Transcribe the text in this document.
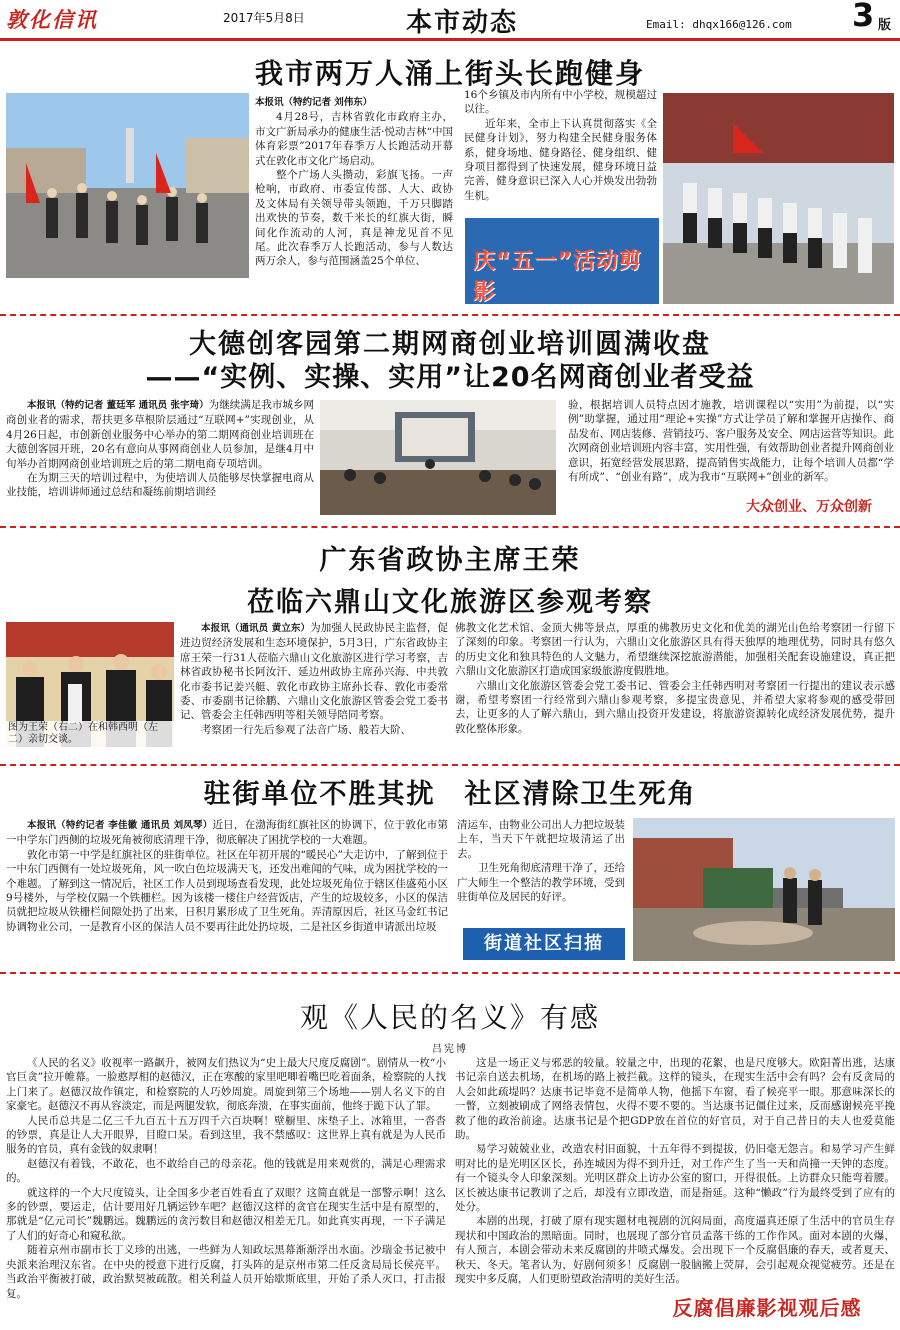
敦化信讯	2017年5月8日	本市动态	Email: dhqx166@126.com 3 版
我市两万人涌上街头长跑健身
本报讯（特约记者 刘伟东）
4月28号，吉林省敦化市政府主办，市文广新局承办的健康生活·悦动吉林“中国体育彩票”2017年春季万人长跑活动开幕式在敦化市文化广场启动。
整个广场人头攒动，彩旗飞扬。一声枪响，市政府、市委宣传部、人大、政协及文体局有关领导带头领跑，千万只脚踏出欢快的节奏，数千米长的红旗大街，瞬间化作流动的人河，真是神龙见首不见尾。此次春季万人长跑活动，参与人数达两万余人，参与范围涵盖25个单位、
16个乡镇及市内所有中小学校，规模超过以往。
近年来，全市上下认真贯彻落实《全民健身计划》，努力构建全民健身服务体系，健身场地、健身路径、健身组织、健身项目都得到了快速发展，健身环境日益完善，健身意识已深入人心并焕发出勃勃生机。
庆“五一”活动剪影
大德创客园第二期网商创业培训圆满收盘
——“实例、实操、实用”让20名网商创业者受益
本报讯（特约记者 董廷军 通讯员 张宇琦）为继续满足我市城乡网商创业者的需求，帮扶更多草根阶层通过“互联网+”实现创业，从4月26日起，市创新创业服务中心举办的第二期网商创业培训班在大德创客园开班，20名有意向从事网商创业人员参加，是继4月中旬举办首期网商创业培训班之后的第二期电商专项培训。
在为期三天的培训过程中，为使培训人员能够尽快掌握电商从业技能，培训讲师通过总结和凝练前期培训经
验，根据培训人员特点因才施教，培训课程以“实用”为前提，以“实例”助掌握，通过用“理论+实操”方式让学员了解和掌握开店操作、商品发布、网店装修、营销技巧、客户服务及安全、网店运营等知识。此次网商创业培训班内容丰富，实用性强，有效帮助创业者提升网商创业意识，拓宽经营发展思路，提高销售实战能力，让每个培训人员都“学有所成”、“创业有路”，成为我市“互联网+”创业的新军。
大众创业、万众创新
广东省政协主席王荣
莅临六鼎山文化旅游区参观考察
图为王荣（右二）在和韩西明（左二）亲切交谈。
本报讯（通讯员 黄立东）为加强人民政协民主监督，促进边贸经济发展和生态环境保护，5月3日，广东省政协主席王荣一行31人莅临六鼎山文化旅游区进行学习考察，吉林省政协秘书长阿汝汗、延边州政协主席孙兴海、中共敦化市委书记姜兴艇、敦化市政协主席孙长春、敦化市委常委、市委副书记徐鹏、六鼎山文化旅游区管委会党工委书记、管委会主任韩西明等相关领导陪同考察。
考察团一行先后参观了法音广场、般若大阶、
佛教文化艺术馆、金顶大佛等景点，厚重的佛教历史文化和优美的湖光山色给考察团一行留下了深刻的印象。考察团一行认为，六鼎山文化旅游区具有得天独厚的地理优势，同时具有悠久的历史文化和独具特色的人文魅力，希望继续深挖旅游潜能，加强相关配套设施建设，真正把六鼎山文化旅游区打造成国家级旅游度假胜地。
六鼎山文化旅游区管委会党工委书记、管委会主任韩西明对考察团一行提出的建议表示感谢，希望考察团一行经常到六鼎山参观考察，多提宝贵意见，并希望大家将参观的感受带回去，让更多的人了解六鼎山，到六鼎山投资开发建设，将旅游资源转化成经济发展优势，提升敦化整体形象。
驻街单位不胜其扰　社区清除卫生死角
本报讯（特约记者 李佳徽 通讯员 刘凤琴）近日，在渤海街红旗社区的协调下，位于敦化市第一中学东门西侧的垃圾死角被彻底清理干净，彻底解决了困扰学校的一大难题。
敦化市第一中学是红旗社区的驻街单位。社区在年初开展的“暖民心”大走访中，了解到位于一中东门西侧有一处垃圾死角，风一吹白色垃圾满天飞，还发出难闻的气味，成为困扰学校的一个难题。了解到这一情况后，社区工作人员到现场查看发现，此处垃圾死角位于辖区佳盛苑小区9号楼外，与学校仅隔一个铁栅栏。因为该楼一楼住户经营饭店，产生的垃圾较多，小区的保洁员就把垃圾从铁栅栏间隙处扔了出来，日积月累形成了卫生死角。弄清原因后，社区马金红书记协调物业公司，一是教育小区的保洁人员不要再往此处扔垃圾，二是社区乡街道申请派出垃圾
清运车，由物业公司出人力把垃圾装上车，当天下午就把垃圾清运了出去。
卫生死角彻底清理干净了，还给广大师生一个整洁的教学环境，受到驻街单位及居民的好评。
街道社区扫描
观《人民的名义》有感
吕宪博
《人民的名义》收视率一路飙升，被网友们热议为“史上最大尺度反腐剧”。剧情从一枚“小官巨贪”拉开帷幕。一脸憨厚相的赵德汉，正在寒酸的家里吧唧着嘴巴吃着面条，检察院的人找上门来了。赵德汉故作镇定，和检察院的人巧妙周旋。周旋到第三个场地——别人名义下的自家豪宅。赵德汉不再从容淡定，而是两腿发软，彻底奔溃，在事实面前，他终于跪下认了罪。
人民币总共是二亿三千九百五十五万四千六百块啊！壁橱里、床垫子上、冰箱里，一沓沓的钞票，真是让人大开眼界，目瞪口呆。看到这里，我不禁感叹：这世界上真有就是为人民币服务的官员，真有金钱的奴隶啊！
赵德汉有着钱，不敢花，也不敢给自己的母亲花。他的钱就是用来观赏的，满足心理需求的。
就这样的一个大尺度镜头，让全国多少老百姓看直了双眼？这简直就是一部警示啊！这么多的钞票，要运走，估计要用好几辆运钞车吧？赵德汉这样的贪官在现实生活中是有原型的，那就是“亿元司长”魏鹏远。魏鹏远的贪污数目和赵德汉相差无几。如此真实再现，一下子满足了人们的好奇心和窥私欲。
随着京州市副市长丁义珍的出逃，一些鲜为人知政坛黑幕渐渐浮出水面。沙瑞金书记被中央派来治理汉东省。在中央的授意下进行反腐，打头阵的是京州市第二任反贪局局长侯亮平。当政治平衡被打破，政治默契被疏散。相关利益人员开始歇斯底里，开始了杀人灭口，打击报复。
这是一场正义与邪恶的较量。较量之中，出现的花絮，也是尺度够大。欧阳菁出逃，达康书记亲自送去机场，在机场的路上被拦截。这样的镜头，在现实生活中会有吗？会有反贪局的人会如此疏堤吗？达康书记毕竟不是简单人物，他摇下车窗，看了候亮平一眼。那意味深长的一瞥，立刻被刷成了网络表情包，火得不要不要的。当达康书记僵住过来，反而感谢候亮平挽救了他的政治前途。达康书记是个把GDP放在首位的好官员，对于自己昔日的夫人也爱莫能助。
易学习兢兢业业，改造农村旧面貌，十五年得不到提拔，仍旧毫无怨言。和易学习产生鲜明对比的是光明区区长，孙连城因为得不到升迁，对工作产生了当一天和尚撞一天钟的态度。有一个镜头令人印象深刻。光明区群众上访办公室的窗口，开得很低。上访群众只能弯着腰。区长被达康书记教训了之后，却没有立即改造，而是指延。这种“懒政”行为最终受到了应有的处分。
本剧的出现，打破了原有现实题材电视剧的沉闷局面，高度逼真还原了生活中的官员生存现状和中国政治的黑暗面。同时，也展现了部分官员孟落干练的工作作风。面对本剧的火爆，有人预言，本剧会带动未来反腐剧的井喷式爆发。会出现下一个反腐倡廉的春天，或者夏天、秋天、冬天。笔者认为，好剧何须多！反腐剧一股脑搬上荧屏，会引起观众视觉疲劳。还是在现实中多反腐，人们更盼望政治清明的美好生活。
反腐倡廉影视观后感
